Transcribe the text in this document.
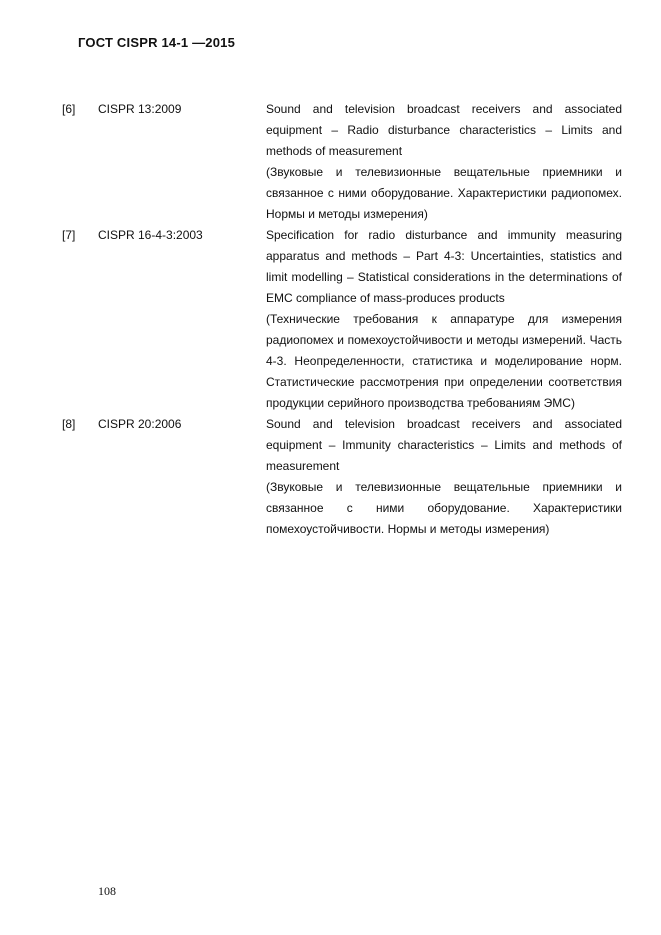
ГОСТ CISPR 14-1 —2015
[6]	CISPR 13:2009	Sound and television broadcast receivers and associated equipment – Radio disturbance characteristics – Limits and methods of measurement

(Звуковые и телевизионные вещательные приемники и связанное с ними оборудование. Характеристики радиопомех. Нормы и методы измерения)

[7]	CISPR 16-4-3:2003	Specification for radio disturbance and immunity measuring apparatus and methods – Part 4-3: Uncertainties, statistics and limit modelling – Statistical considerations in the determinations of EMC compliance of mass-produces products

(Технические требования к аппаратуре для измерения радиопомех и помехоустойчивости и методы измерений. Часть 4-3. Неопределенности, статистика и моделирование норм. Статистические рассмотрения при определении соответствия продукции серийного производства требованиям ЭМС)

[8]	CISPR 20:2006	Sound and television broadcast receivers and associated equipment – Immunity characteristics – Limits and methods of measurement

(Звуковые и телевизионные вещательные приемники и связанное с ними оборудование. Характеристики помехоустойчивости. Нормы и методы измерения)

108
